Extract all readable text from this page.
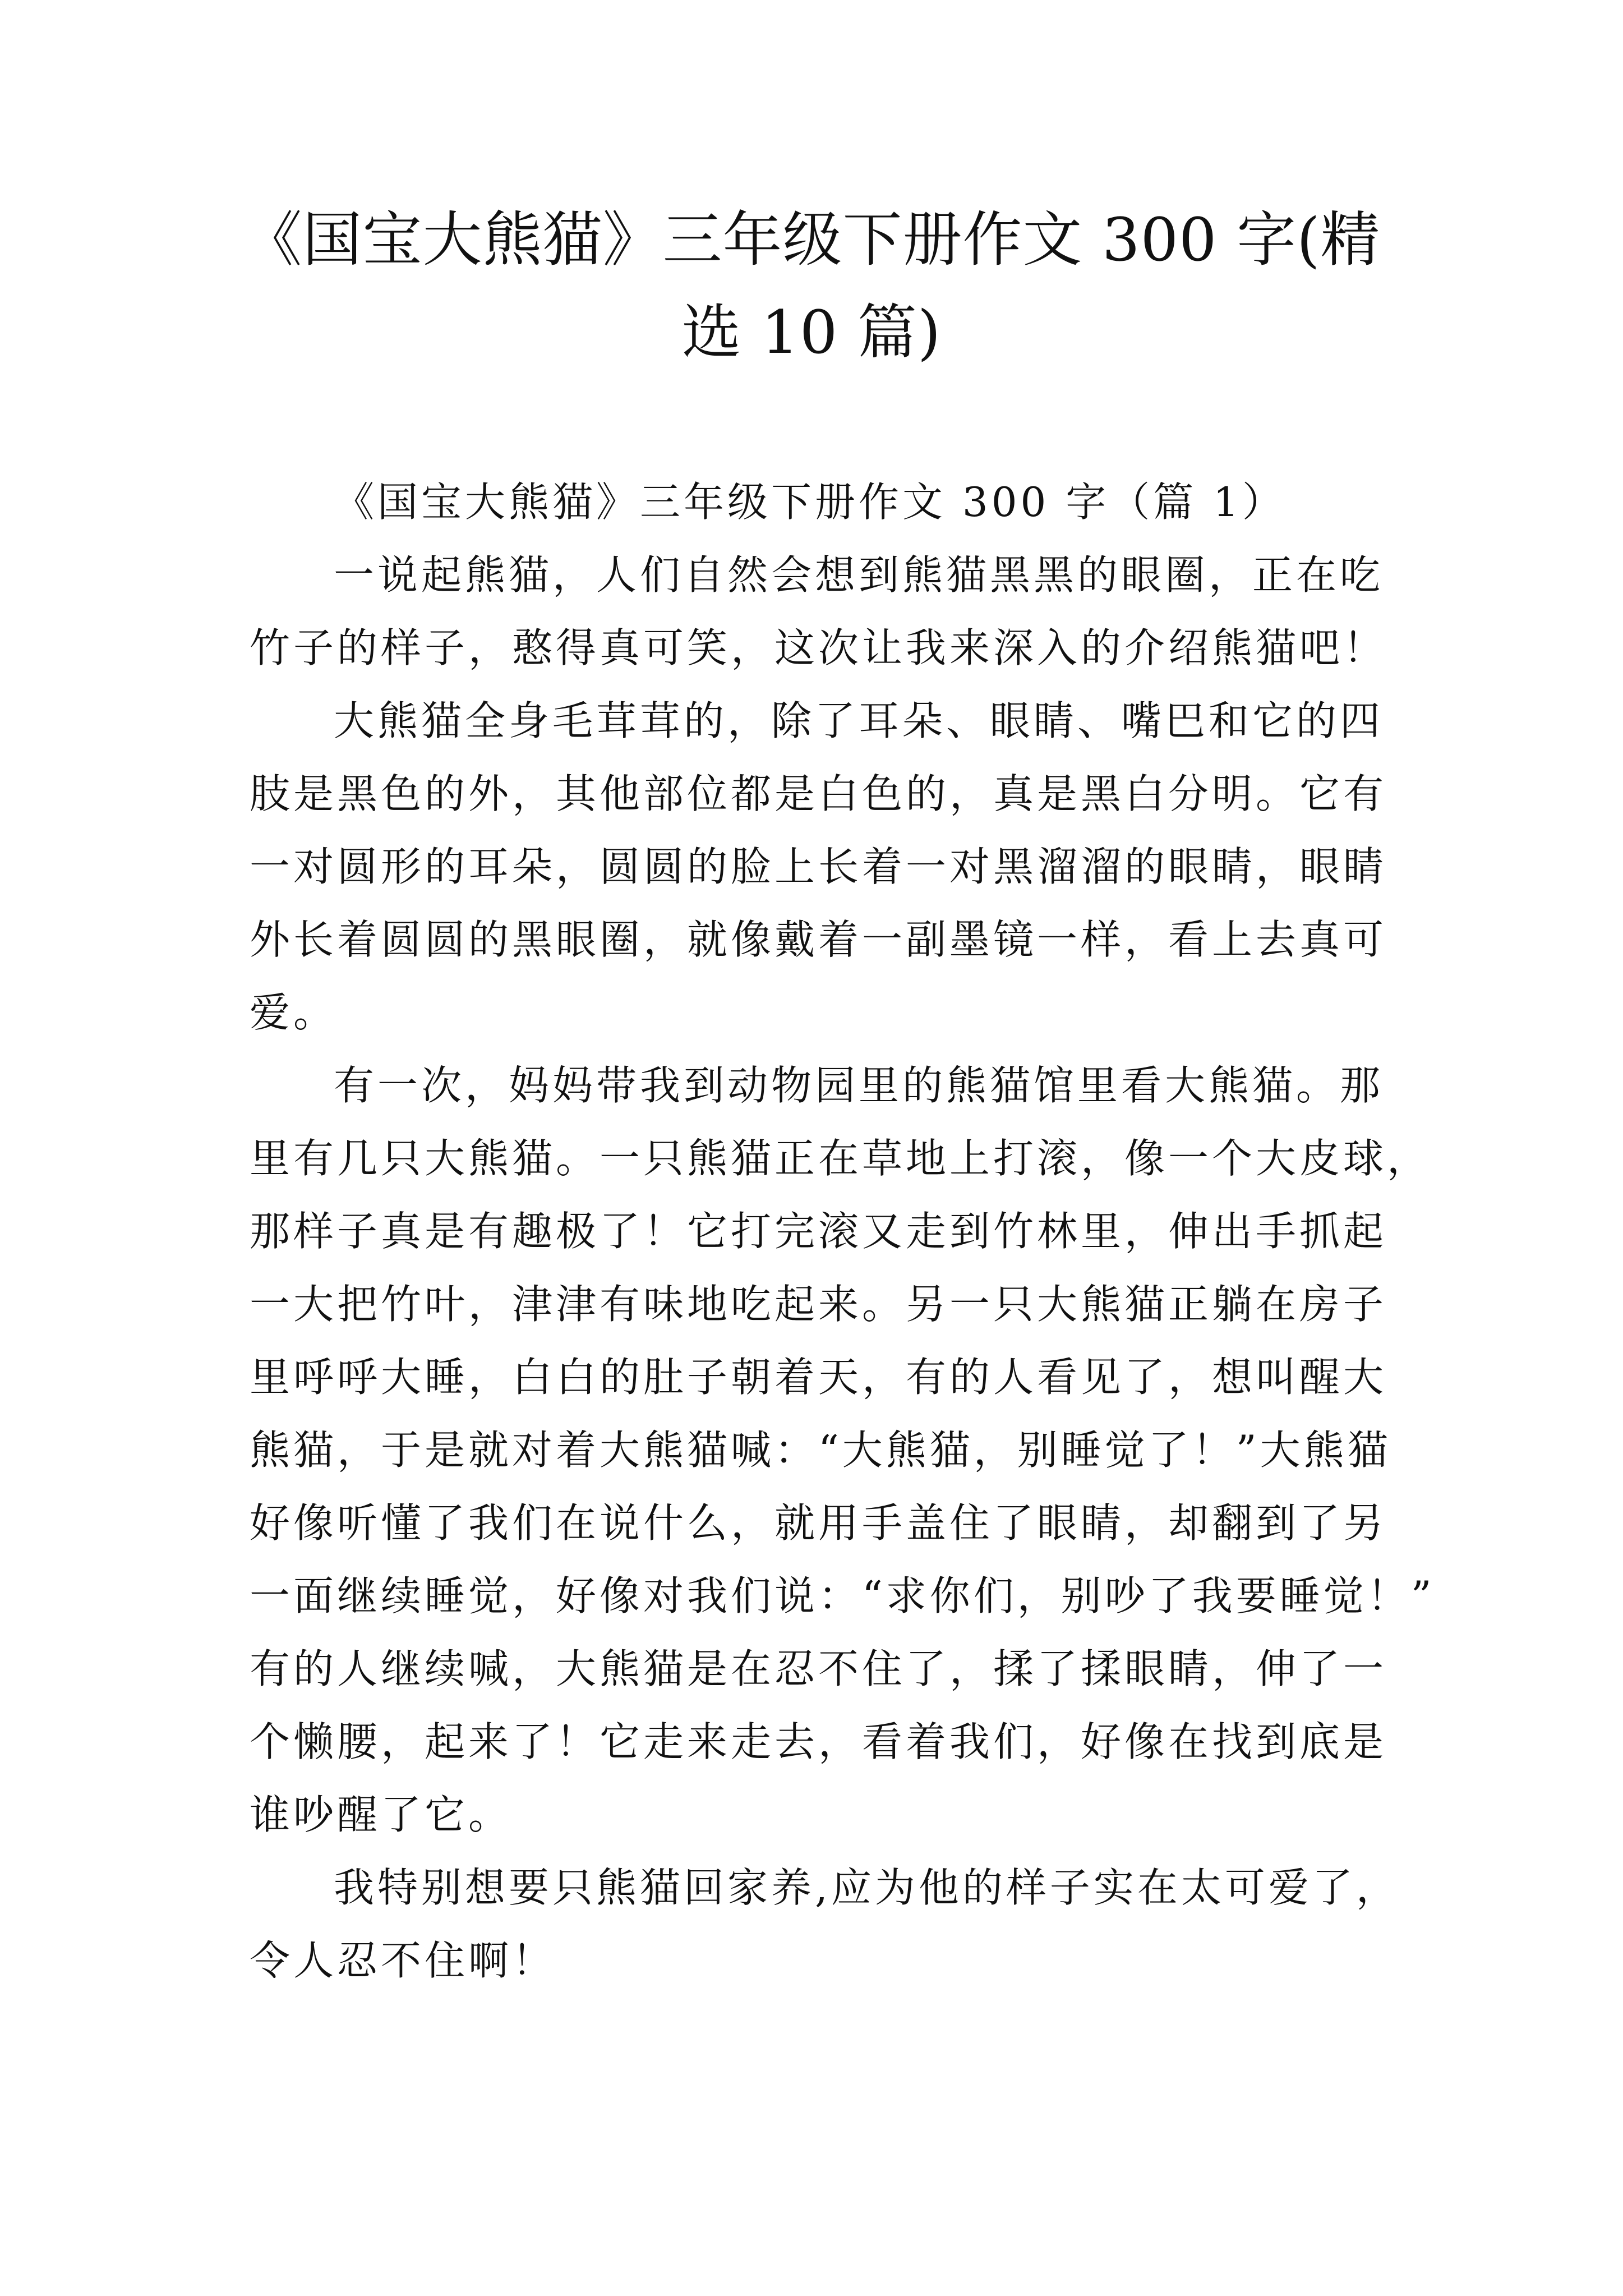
《国宝大熊猫》三年级下册作文 300 字(精
选 10 篇)
《国宝大熊猫》三年级下册作文 300 字（篇 1）
一说起熊猫，人们自然会想到熊猫黑黑的眼圈，正在吃
竹子的样子，憨得真可笑，这次让我来深入的介绍熊猫吧！
大熊猫全身毛茸茸的，除了耳朵、眼睛、嘴巴和它的四
肢是黑色的外，其他部位都是白色的，真是黑白分明。它有
一对圆形的耳朵，圆圆的脸上长着一对黑溜溜的眼睛，眼睛
外长着圆圆的黑眼圈，就像戴着一副墨镜一样，看上去真可
爱。
有一次，妈妈带我到动物园里的熊猫馆里看大熊猫。那
里有几只大熊猫。一只熊猫正在草地上打滚，像一个大皮球，
那样子真是有趣极了！它打完滚又走到竹林里，伸出手抓起
一大把竹叶，津津有味地吃起来。另一只大熊猫正躺在房子
里呼呼大睡，白白的肚子朝着天，有的人看见了，想叫醒大
熊猫，于是就对着大熊猫喊：“大熊猫，别睡觉了！”大熊猫
好像听懂了我们在说什么，就用手盖住了眼睛，却翻到了另
一面继续睡觉，好像对我们说：“求你们，别吵了我要睡觉！”
有的人继续喊，大熊猫是在忍不住了，揉了揉眼睛，伸了一
个懒腰，起来了！它走来走去，看着我们，好像在找到底是
谁吵醒了它。
我特别想要只熊猫回家养,应为他的样子实在太可爱了，
令人忍不住啊！
